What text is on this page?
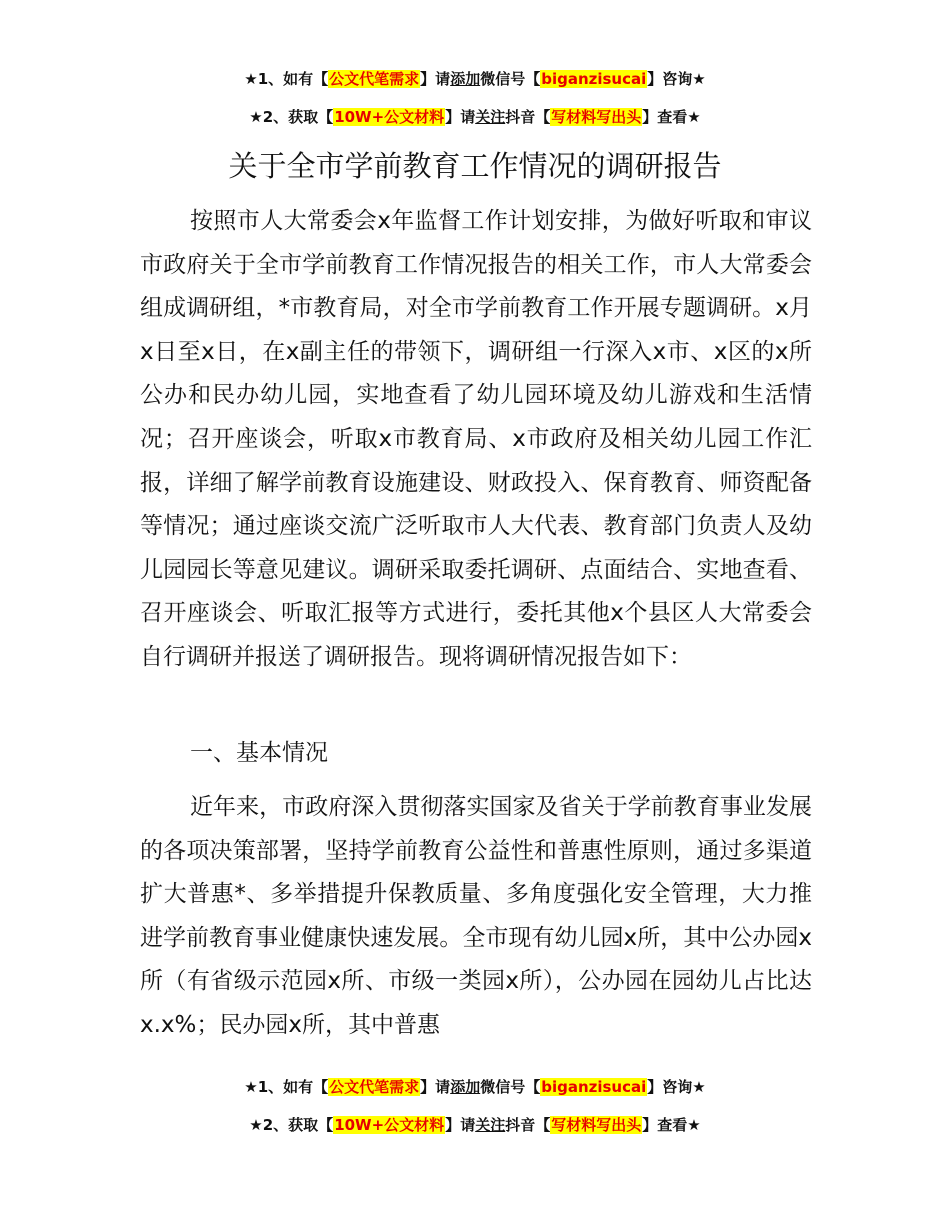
★1、如有【公文代笔需求】请添加微信号【biganzisucai】咨询★
★2、获取【10W+公文材料】请关注抖音【写材料写出头】查看★
关于全市学前教育工作情况的调研报告

按照市人大常委会x年监督工作计划安排，为做好听取和审议市政府关于全市学前教育工作情况报告的相关工作，市人大常委会组成调研组，*市教育局，对全市学前教育工作开展专题调研。x月x日至x日，在x副主任的带领下，调研组一行深入x市、x区的x所公办和民办幼儿园，实地查看了幼儿园环境及幼儿游戏和生活情况；召开座谈会，听取x市教育局、x市政府及相关幼儿园工作汇报，详细了解学前教育设施建设、财政投入、保育教育、师资配备等情况；通过座谈交流广泛听取市人大代表、教育部门负责人及幼儿园园长等意见建议。调研采取委托调研、点面结合、实地查看、召开座谈会、听取汇报等方式进行，委托其他x个县区人大常委会自行调研并报送了调研报告。现将调研情况报告如下：

一、基本情况

近年来，市政府深入贯彻落实国家及省关于学前教育事业发展的各项决策部署，坚持学前教育公益性和普惠性原则，通过多渠道扩大普惠*、多举措提升保教质量、多角度强化安全管理，大力推进学前教育事业健康快速发展。全市现有幼儿园x所，其中公办园x所（有省级示范园x所、市级一类园x所），公办园在园幼儿占比达x.x%；民办园x所，其中普惠

★1、如有【公文代笔需求】请添加微信号【biganzisucai】咨询★
★2、获取【10W+公文材料】请关注抖音【写材料写出头】查看★
